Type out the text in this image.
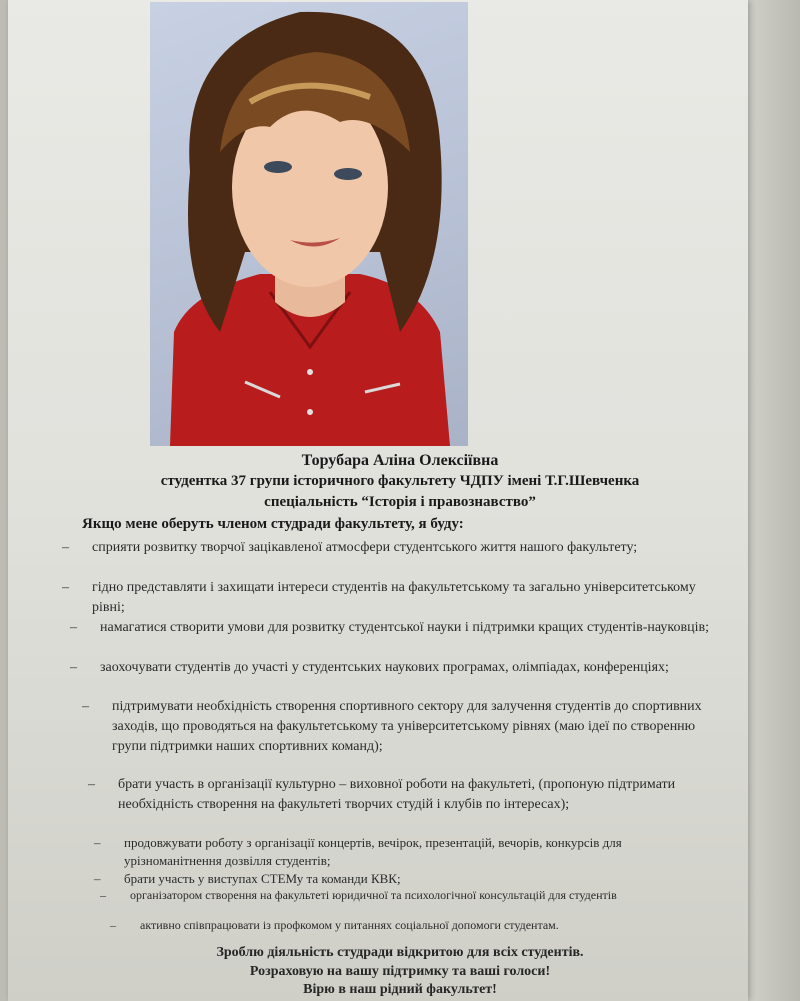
Торубара Аліна Олексіївна
студентка 37 групи історичного факультету ЧДПУ імені Т.Г.Шевченка
спеціальність “Історія і правознавство”
Якщо мене оберуть членом студради факультету, я буду:
– сприяти розвитку творчої зацікавленої атмосфери студентського життя нашого факультету;
– гідно представляти і захищати інтереси студентів на факультетському та загально університетському рівні;
– намагатися створити умови для розвитку студентської науки і підтримки кращих студентів-науковців;
– заохочувати студентів до участі у студентських наукових програмах, олімпіадах, конференціях;
– підтримувати необхідність створення спортивного сектору для залучення студентів до спортивних заходів, що проводяться на факультетському та університетському рівнях (маю ідеї по створенню групи підтримки наших спортивних команд);
– брати участь в організації культурно – виховної роботи на факультеті, (пропоную підтримати необхідність створення на факультеті творчих студій і клубів по інтересах);
– продовжувати роботу з організації концертів, вечірок, презентацій, вечорів, конкурсів для урізноманітнення дозвілля студентів;
– брати участь у виступах СТЕМу та команди КВК;
– організатором створення на факультеті юридичної та психологічної консультацій для студентів
– активно співпрацювати із профкомом у питаннях соціальної допомоги студентам.
Зроблю діяльність студради відкритою для всіх студентів.
Розраховую на вашу підтримку та ваші голоси!
Вірю в наш рідний факультет!
